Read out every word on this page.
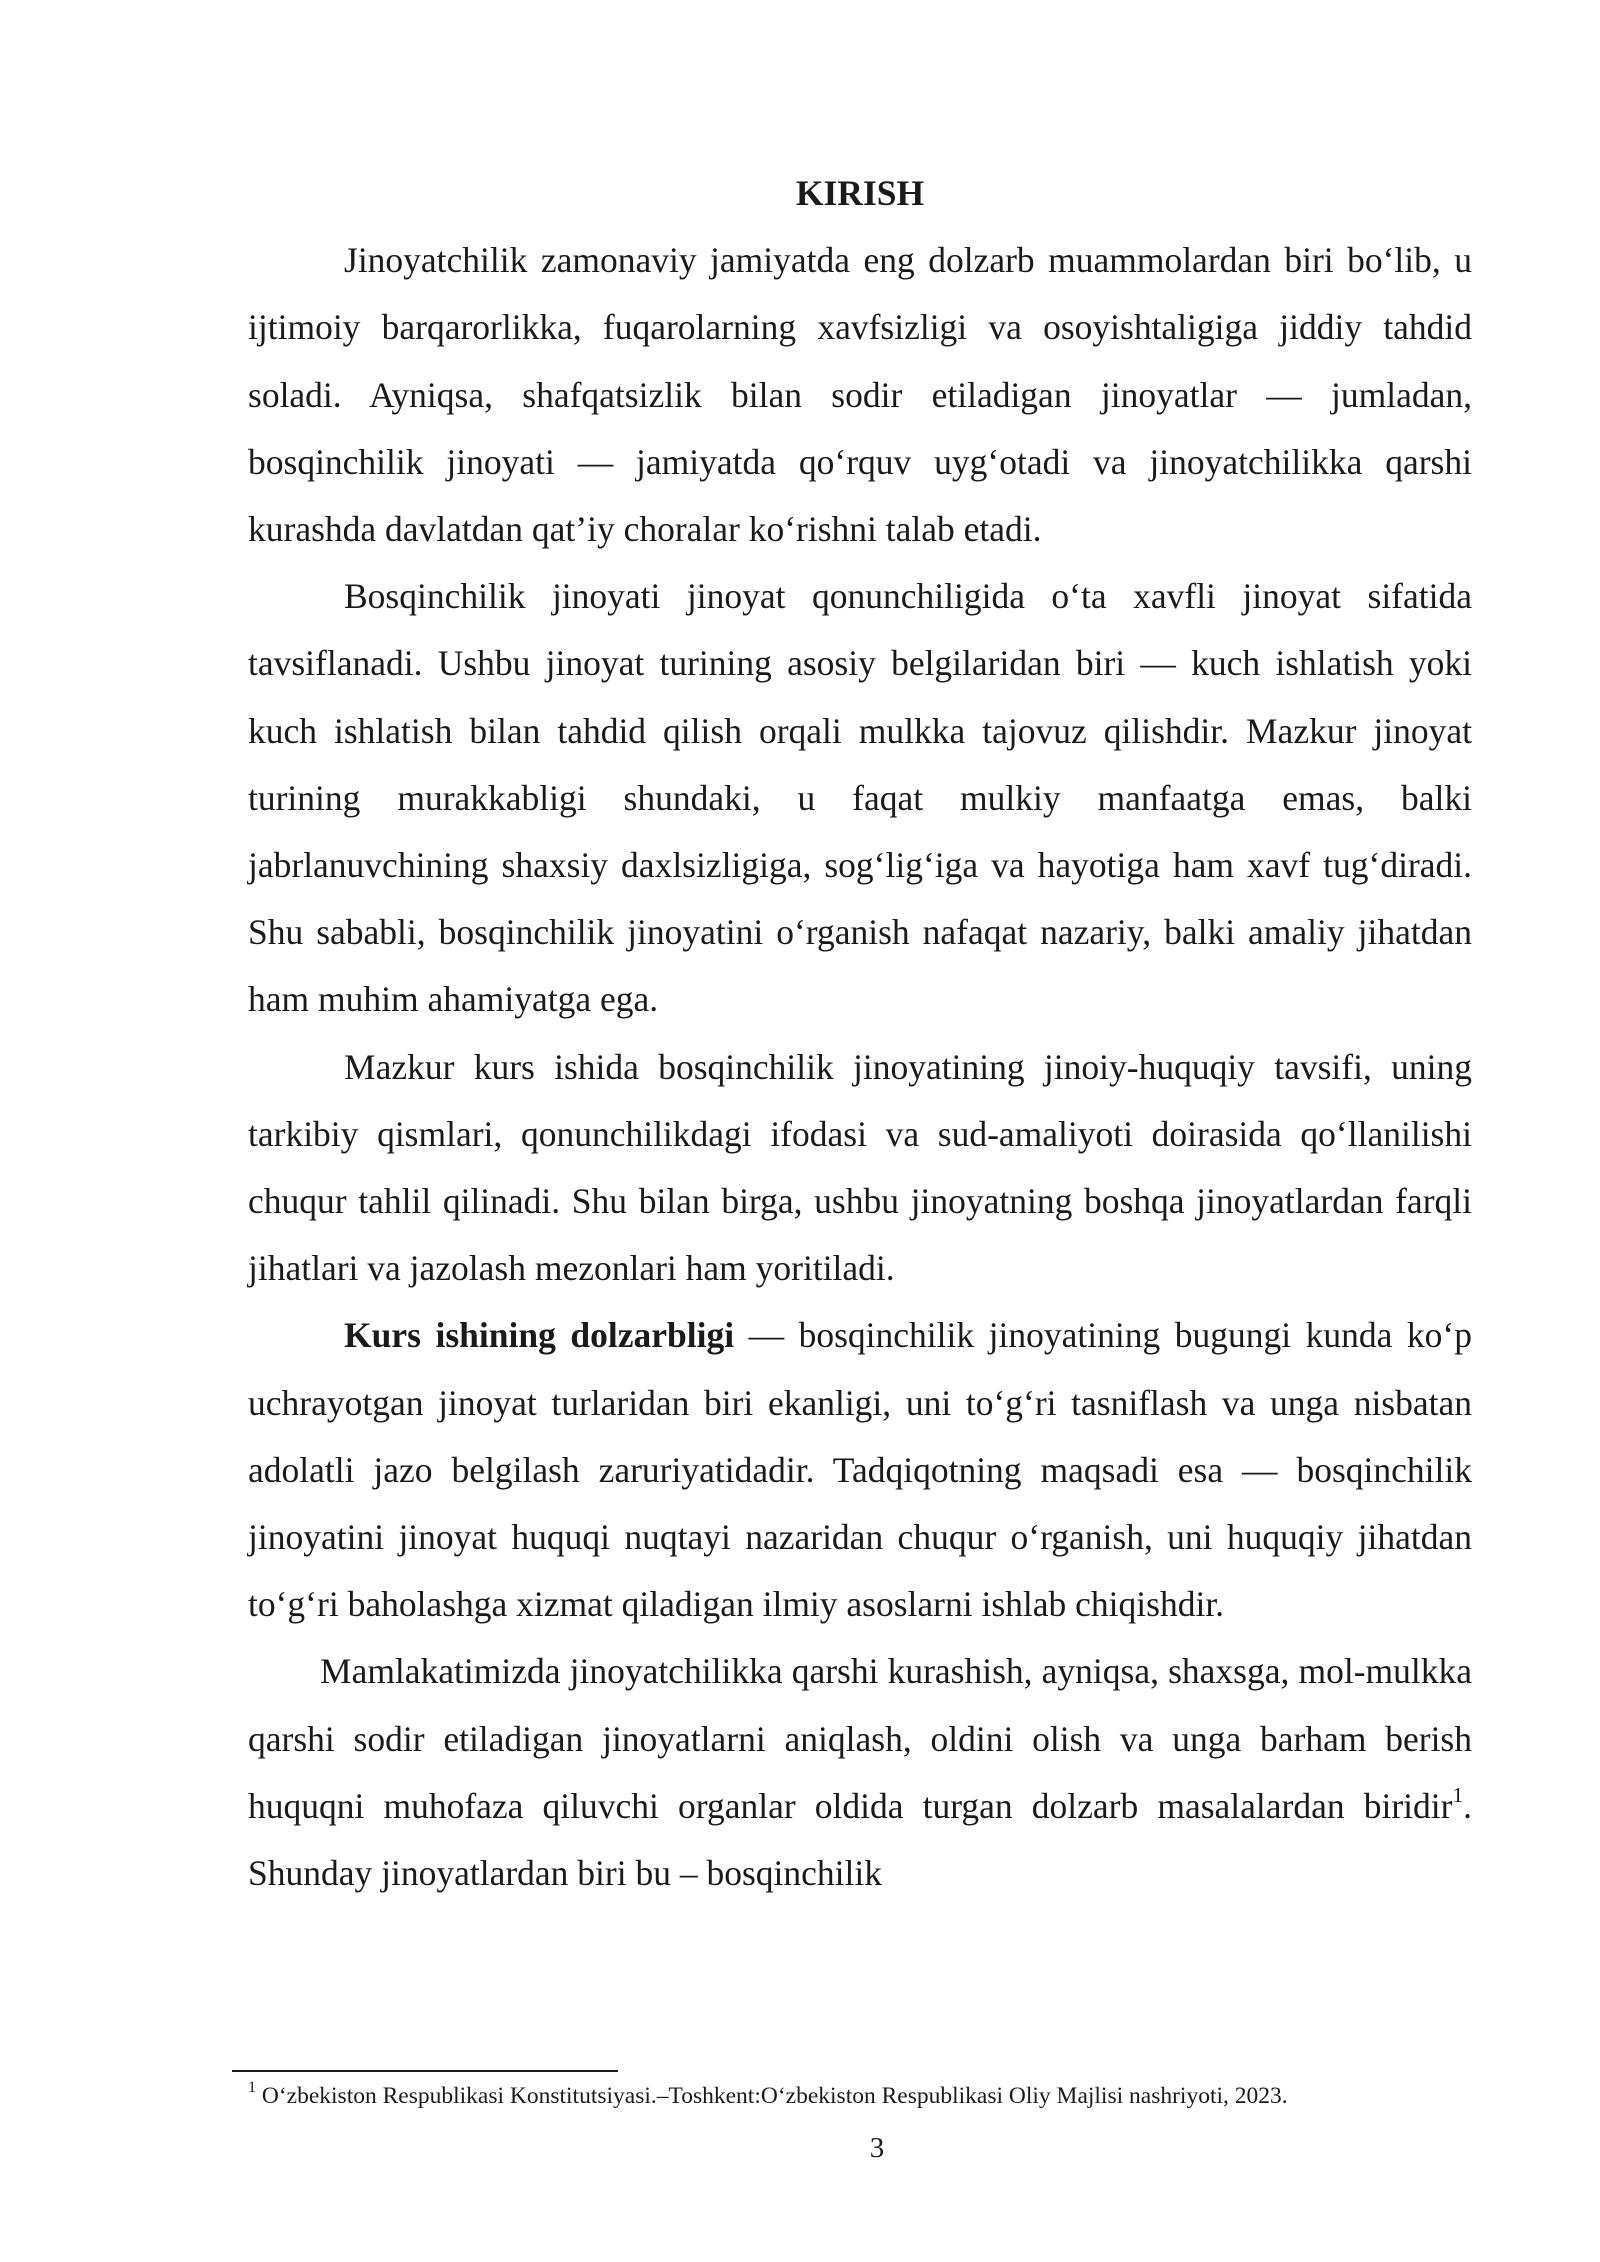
KIRISH

Jinoyatchilik zamonaviy jamiyatda eng dolzarb muammolardan biri bo‘lib, u ijtimoiy barqarorlikka, fuqarolarning xavfsizligi va osoyishtaligiga jiddiy tahdid soladi. Ayniqsa, shafqatsizlik bilan sodir etiladigan jinoyatlar — jumladan, bosqinchilik jinoyati — jamiyatda qo‘rquv uyg‘otadi va jinoyatchilikka qarshi kurashda davlatdan qat’iy choralar ko‘rishni talab etadi.

Bosqinchilik jinoyati jinoyat qonunchiligida o‘ta xavfli jinoyat sifatida tavsiflanadi. Ushbu jinoyat turining asosiy belgilaridan biri — kuch ishlatish yoki kuch ishlatish bilan tahdid qilish orqali mulkka tajovuz qilishdir. Mazkur jinoyat turining murakkabligi shundaki, u faqat mulkiy manfaatga emas, balki jabrlanuvchining shaxsiy daxlsizligiga, sog‘lig‘iga va hayotiga ham xavf tug‘diradi. Shu sababli, bosqinchilik jinoyatini o‘rganish nafaqat nazariy, balki amaliy jihatdan ham muhim ahamiyatga ega.

Mazkur kurs ishida bosqinchilik jinoyatining jinoiy-huquqiy tavsifi, uning tarkibiy qismlari, qonunchilikdagi ifodasi va sud-amaliyoti doirasida qo‘llanilishi chuqur tahlil qilinadi. Shu bilan birga, ushbu jinoyatning boshqa jinoyatlardan farqli jihatlari va jazolash mezonlari ham yoritiladi.

Kurs ishining dolzarbligi — bosqinchilik jinoyatining bugungi kunda ko‘p uchrayotgan jinoyat turlaridan biri ekanligi, uni to‘g‘ri tasniflash va unga nisbatan adolatli jazo belgilash zaruriyatidadir. Tadqiqotning maqsadi esa — bosqinchilik jinoyatini jinoyat huquqi nuqtayi nazaridan chuqur o‘rganish, uni huquqiy jihatdan to‘g‘ri baholashga xizmat qiladigan ilmiy asoslarni ishlab chiqishdir.

Mamlakatimizda jinoyatchilikka qarshi kurashish, ayniqsa, shaxsga, mol-mulkka qarshi sodir etiladigan jinoyatlarni aniqlash, oldini olish va unga barham berish huquqni muhofaza qiluvchi organlar oldida turgan dolzarb masalalardan biridir$^1$. Shunday jinoyatlardan biri bu – bosqinchilik

$^1$ O‘zbekiston Respublikasi Konstitutsiyasi.–Toshkent:O‘zbekiston Respublikasi Oliy Majlisi nashriyoti, 2023.

3
